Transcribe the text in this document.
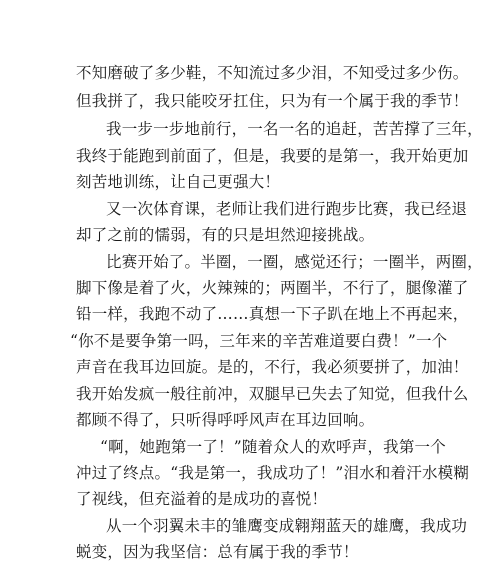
不知磨破了多少鞋，不知流过多少泪，不知受过多少伤。
但我拼了，我只能咬牙扛住，只为有一个属于我的季节！
我一步一步地前行，一名一名的追赶，苦苦撑了三年，
我终于能跑到前面了，但是，我要的是第一，我开始更加
刻苦地训练，让自己更强大！
又一次体育课，老师让我们进行跑步比赛，我已经退
却了之前的懦弱，有的只是坦然迎接挑战。
比赛开始了。半圈，一圈，感觉还行；一圈半，两圈，
脚下像是着了火，火辣辣的；两圈半，不行了，腿像灌了
铅一样，我跑不动了……真想一下子趴在地上不再起来，
“你不是要争第一吗，三年来的辛苦难道要白费！”一个
声音在我耳边回旋。是的，不行，我必须要拼了，加油！
我开始发疯一般往前冲，双腿早已失去了知觉，但我什么
都顾不得了，只听得呼呼风声在耳边回响。
“啊，她跑第一了！”随着众人的欢呼声，我第一个
冲过了终点。“我是第一，我成功了！”泪水和着汗水模糊
了视线，但充溢着的是成功的喜悦！
从一个羽翼未丰的雏鹰变成翱翔蓝天的雄鹰，我成功
蜕变，因为我坚信：总有属于我的季节！
